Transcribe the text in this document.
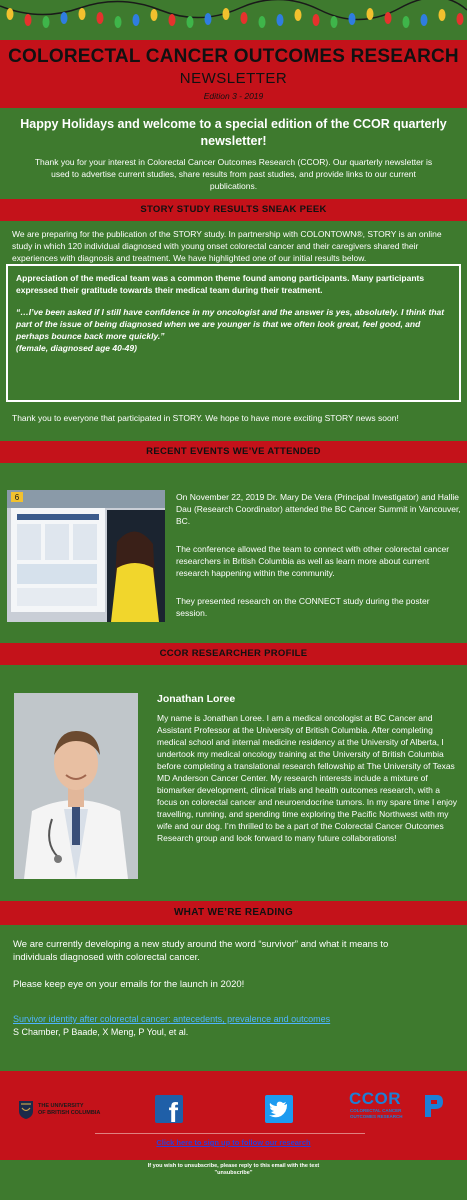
COLORECTAL CANCER OUTCOMES RESEARCH
NEWSLETTER
Edition 3 - 2019
Happy Holidays and welcome to a special edition of the CCOR quarterly newsletter!
Thank you for your interest in Colorectal Cancer Outcomes Research (CCOR). Our quarterly newsletter is used to advertise current studies, share results from past studies, and provide links to our current publications.
STORY STUDY RESULTS SNEAK PEEK
We are preparing for the publication of the STORY study. In partnership with COLONTOWN®, STORY is an online study in which 120 individual diagnosed with young onset colorectal cancer and their caregivers shared their experiences with diagnosis and treatment. We have highlighted one of our initial results below.
Appreciation of the medical team was a common theme found among participants. Many participants expressed their gratitude towards their medical team during their treatment.
“…I’ve been asked if I still have confidence in my oncologist and the answer is yes, absolutely. I think that part of the issue of being diagnosed when we are younger is that we often look great, feel good, and perhaps bounce back more quickly.”
(female, diagnosed age 40-49)
Thank you to everyone that participated in STORY. We hope to have more exciting STORY news soon!
RECENT EVENTS WE’VE ATTENDED
6	On November 22, 2019 Dr. Mary De Vera (Principal Investigator) and Hallie Dau (Research Coordinator) attended the BC Cancer Summit in Vancouver, BC.
The conference allowed the team to connect with other colorectal cancer researchers in British Columbia as well as learn more about current research happening within the community.
They presented research on the CONNECT study during the poster session.
CCOR RESEARCHER PROFILE
Jonathan Loree
My name is Jonathan Loree. I am a medical oncologist at BC Cancer and Assistant Professor at the University of British Columbia. After completing medical school and internal medicine residency at the University of Alberta, I undertook my medical oncology training at the University of British Columbia before completing a translational research fellowship at The University of Texas MD Anderson Cancer Center. My research interests include a mixture of biomarker development, clinical trials and health outcomes research, with a focus on colorectal cancer and neuroendocrine tumors. In my spare time I enjoy travelling, running, and spending time exploring the Pacific Northwest with my wife and our dog. I’m thrilled to be a part of the Colorectal Cancer Outcomes Research group and look forward to many future collaborations!
WHAT WE’RE READING
We are currently developing a new study around the word “survivor” and what it means to individuals diagnosed with colorectal cancer.
Please keep eye on your emails for the launch in 2020!
Survivor identity after colorectal cancer: antecedents, prevalence and outcomes
S Chamber, P Baade, X Meng, P Youl, et al.
THE UNIVERSITY
OF BRITISH COLUMBIA f	CCOR
COLORECTAL CANCER
OUTCOMES RESEARCH
Click here to sign up to follow our research
If you wish to unsubscribe, please reply to this email with the text
"unsubscribe"
